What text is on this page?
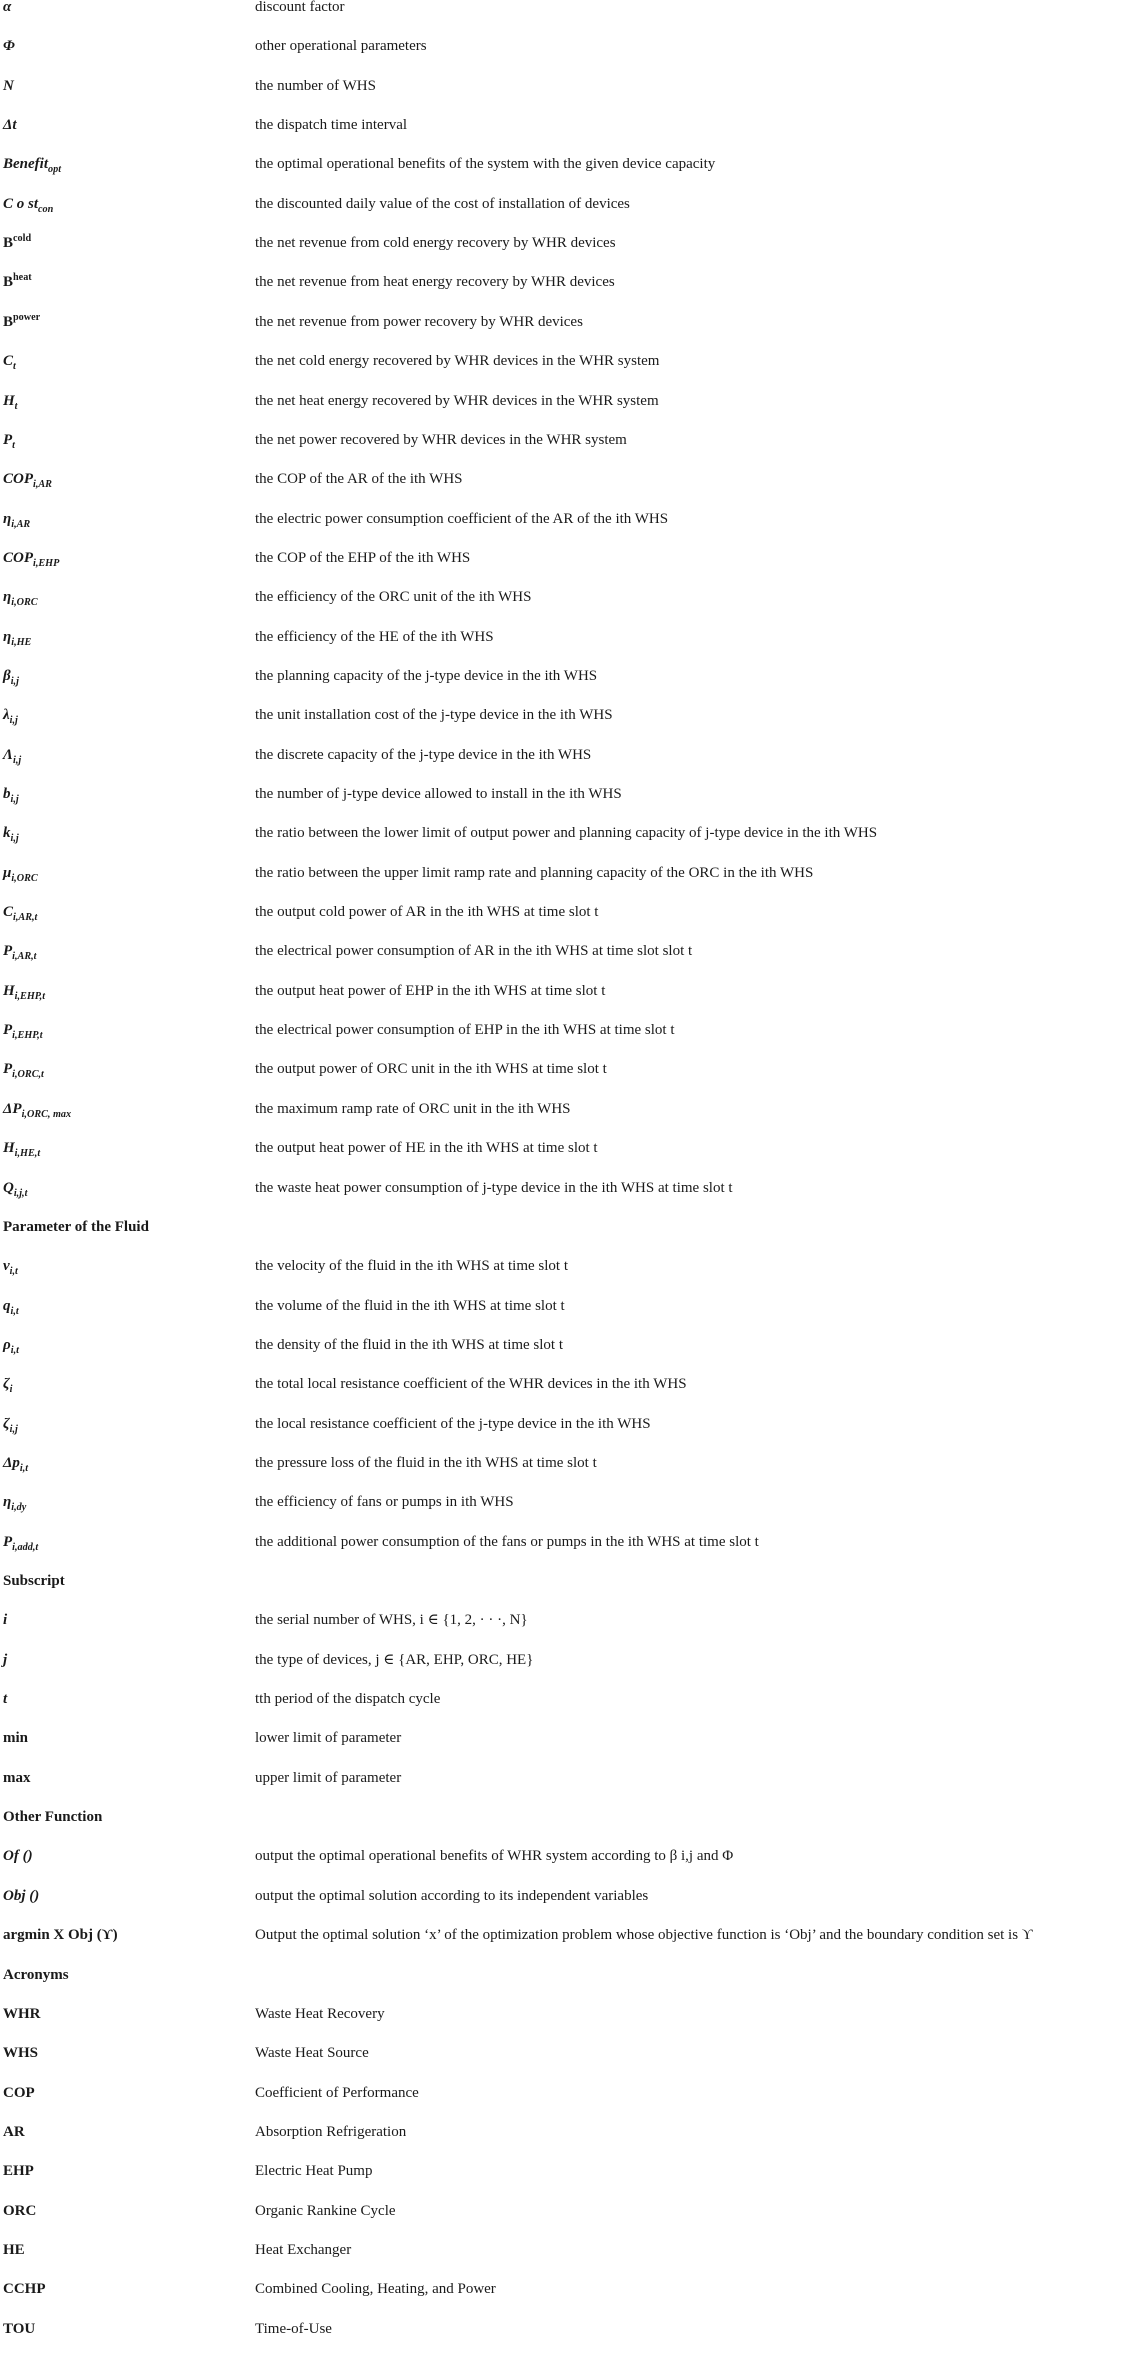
α	discount factor
Φ	other operational parameters
N	the number of WHS
Δt	the dispatch time interval
Benefit$_{opt}$	the optimal operational benefits of the system with the given device capacity
C o $st_{con}$	the discounted daily value of the cost of installation of devices
$B^{cold}$	the net revenue from cold energy recovery by WHR devices
$B^{heat}$	the net revenue from heat energy recovery by WHR devices
$B^{power}$	the net revenue from power recovery by WHR devices
$C_t$	the net cold energy recovered by WHR devices in the WHR system
$H_t$	the net heat energy recovered by WHR devices in the WHR system
$P_t$	the net power recovered by WHR devices in the WHR system
$COP_{i,AR}$	the COP of the AR of the ith WHS
$\eta_{i,AR}$	the electric power consumption coefficient of the AR of the ith WHS
$COP_{i,EHP}$	the COP of the EHP of the ith WHS
$\eta_{i,ORC}$	the efficiency of the ORC unit of the ith WHS
$\eta_{i,HE}$	the efficiency of the HE of the ith WHS
$\beta_{i,j}$	the planning capacity of the j-type device in the ith WHS
$\lambda_{i,j}$	the unit installation cost of the j-type device in the ith WHS
$\Lambda_{i,j}$	the discrete capacity of the j-type device in the ith WHS
$b_{i,j}$	the number of j-type device allowed to install in the ith WHS
$k_{i,j}$	the ratio between the lower limit of output power and planning capacity of j-type device in the ith WHS
$\mu_{i,ORC}$	the ratio between the upper limit ramp rate and planning capacity of the ORC in the ith WHS
$C_{i,AR,t}$	the output cold power of AR in the ith WHS at time slot t
$P_{i,AR,t}$	the electrical power consumption of AR in the ith WHS at time slot slot t
$H_{i,EHP,t}$	the output heat power of EHP in the ith WHS at time slot t
$P_{i,EHP,t}$	the electrical power consumption of EHP in the ith WHS at time slot t
$P_{i,ORC,t}$	the output power of ORC unit in the ith WHS at time slot t
$\Delta P_{i,ORC, max}$	the maximum ramp rate of ORC unit in the ith WHS
$H_{i,HE,t}$	the output heat power of HE in the ith WHS at time slot t
$Q_{i,j,t}$	the waste heat power consumption of j-type device in the ith WHS at time slot t
Parameter of the Fluid
$v_{i,t}$	the velocity of the fluid in the ith WHS at time slot t
$q_{i,t}$	the volume of the fluid in the ith WHS at time slot t
$\rho_{i,t}$	the density of the fluid in the ith WHS at time slot t
$\zeta_i$	the total local resistance coefficient of the WHR devices in the ith WHS
$\zeta_{i,j}$	the local resistance coefficient of the j-type device in the ith WHS
$\Delta p_{i,t}$	the pressure loss of the fluid in the ith WHS at time slot t
$\eta_{i,dy}$	the efficiency of fans or pumps in ith WHS
$P_{i,add,t}$	the additional power consumption of the fans or pumps in the ith WHS at time slot t
Subscript
i	the serial number of WHS, i ∈ {1, 2, · · ·, N}
j	the type of devices, j ∈ {AR, EHP, ORC, HE}
t	tth period of the dispatch cycle
min	lower limit of parameter
max	upper limit of parameter
Other Function
Of ()	output the optimal operational benefits of WHR system according to β i,j and Φ
Obj ()	output the optimal solution according to its independent variables
argmin X Obj (ϒ)	Output the optimal solution ‘x’ of the optimization problem whose objective function is ‘Obj’ and the boundary condition set is ϒ
Acronyms
WHR	Waste Heat Recovery
WHS	Waste Heat Source
COP	Coefficient of Performance
AR	Absorption Refrigeration
EHP	Electric Heat Pump
ORC	Organic Rankine Cycle
HE	Heat Exchanger
CCHP	Combined Cooling, Heating, and Power
TOU	Time-of-Use
